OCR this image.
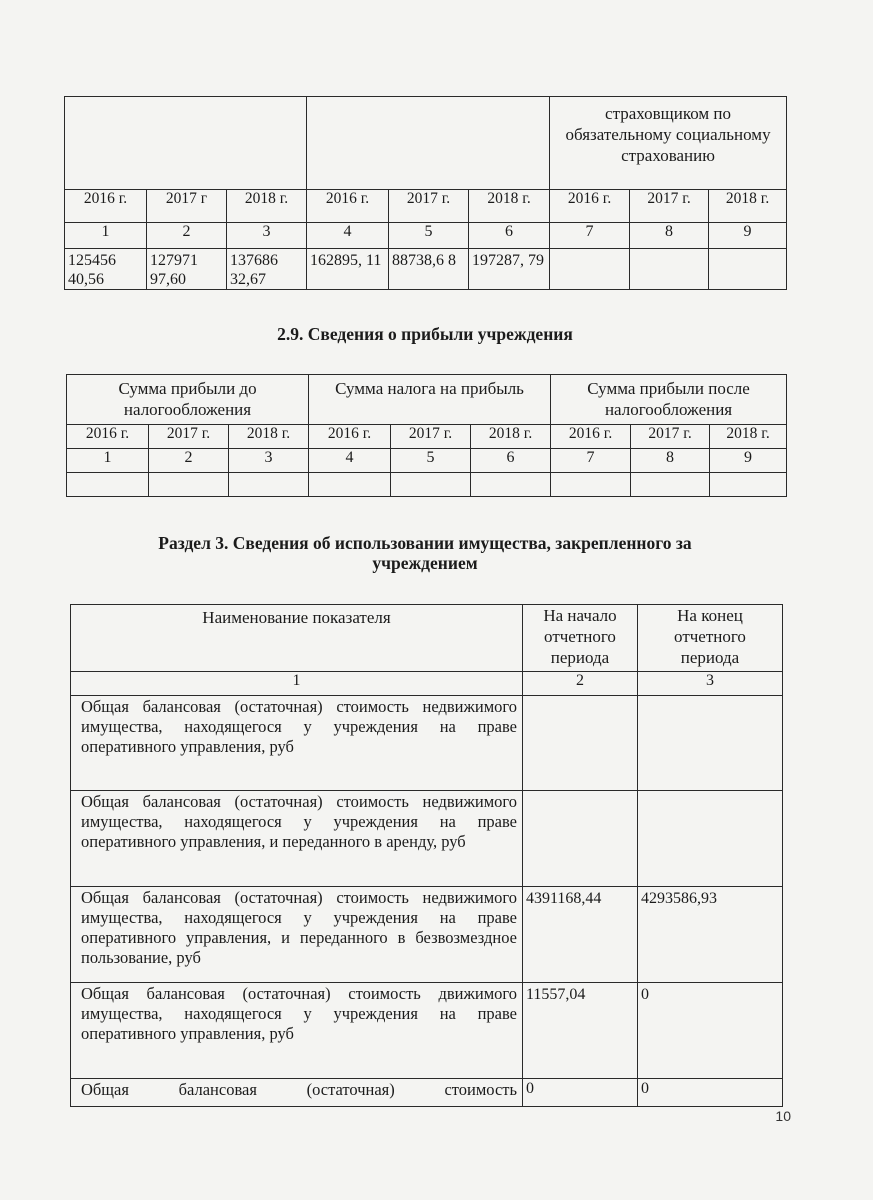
						страховщиком по обязательному социальному страхованию		
2016 г.	2017 г	2018 г.	2016 г.	2017 г.	2018 г.	2016 г.	2017 г.	2018 г.
1	2	3	4	5	6	7	8	9
125456 40,56	127971 97,60	137686 32,67	162895, 11	88738,6 8	197287, 79			
2.9. Сведения о прибыли учреждения
Сумма прибыли до налогообложения			Сумма налога на прибыль			Сумма прибыли после налогообложения		
2016 г.	2017 г.	2018 г.	2016 г.	2017 г.	2018 г.	2016 г.	2017 г.	2018 г.
1	2	3	4	5	6	7	8	9

Раздел 3. Сведения об использовании имущества, закрепленного за учреждением
Наименование показателя	На начало отчетного периода	На конец отчетного периода
1	2	3
Общая балансовая (остаточная) стоимость недвижимого имущества, находящегося у учреждения на праве оперативного управления, руб		
Общая балансовая (остаточная) стоимость недвижимого имущества, находящегося у учреждения на праве оперативного управления, и переданного в аренду, руб		
Общая балансовая (остаточная) стоимость недвижимого имущества, находящегося у учреждения на праве оперативного управления, и переданного в безвозмездное пользование, руб	4391168,44	4293586,93
Общая балансовая (остаточная) стоимость движимого имущества, находящегося у учреждения на праве оперативного управления, руб	11557,04	0
Общая балансовая (остаточная) стоимость	0	0
10
